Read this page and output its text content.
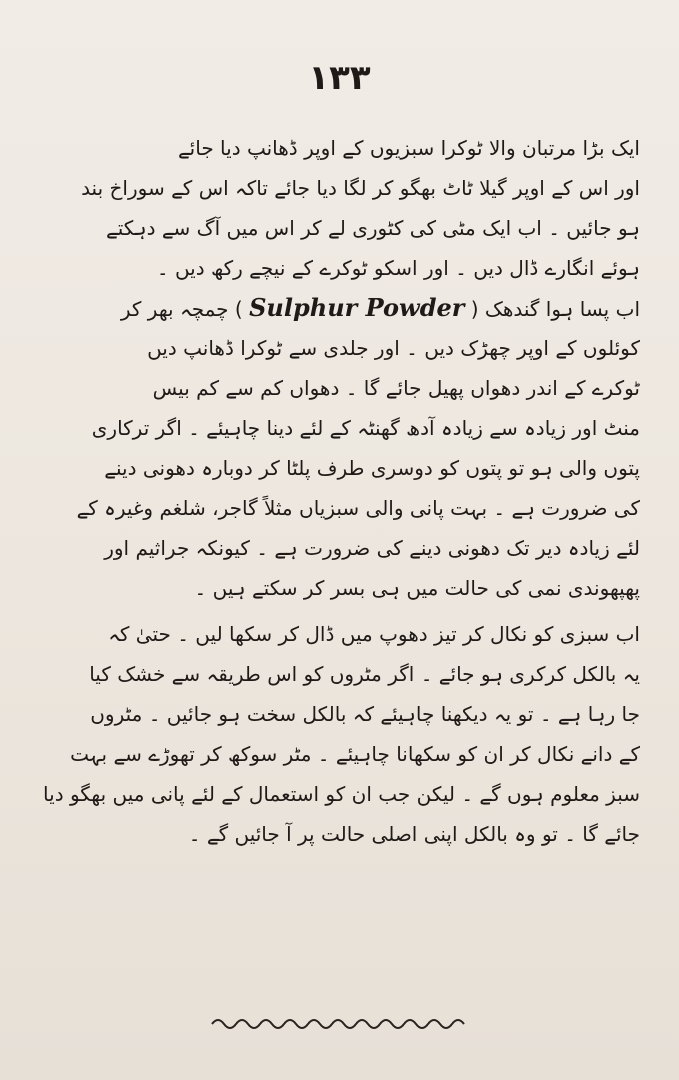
۱۳۳
ایک بڑا مرتبان والا ٹوکرا سبزیوں کے اوپر ڈھانپ دیا جائے
اور اس کے اوپر گیلا ٹاٹ بھگو کر لگا دیا جائے تاکہ اس کے سوراخ بند
ہو جائیں ۔ اب ایک مٹی کی کٹوری لے کر اس میں آگ سے دہکتے
ہوئے انگارے ڈال دیں ۔ اور اسکو ٹوکرے کے نیچے رکھ دیں ۔
اب پسا ہوا گندھک ( Sulphur Powder ) چمچہ بھر کر
کوئلوں کے اوپر چھڑک دیں ۔ اور جلدی سے ٹوکرا ڈھانپ دیں
ٹوکرے کے اندر دھواں پھیل جائے گا ۔ دھواں کم سے کم بیس
منٹ اور زیادہ سے زیادہ آدھ گھنٹہ کے لئے دینا چاہیئے ۔ اگر ترکاری
پتوں والی ہو تو پتوں کو دوسری طرف پلٹا کر دوبارہ دھونی دینے
کی ضرورت ہے ۔ بہت پانی والی سبزیاں مثلاً گاجر، شلغم وغیرہ کے
لئے زیادہ دیر تک دھونی دینے کی ضرورت ہے ۔ کیونکہ جراثیم اور
پھپھوندی نمی کی حالت میں ہی بسر کر سکتے ہیں ۔
اب سبزی کو نکال کر تیز دھوپ میں ڈال کر سکھا لیں ۔ حتیٰ کہ
یہ بالکل کرکری ہو جائے ۔ اگر مٹروں کو اس طریقہ سے خشک کیا
جا رہا ہے ۔ تو یہ دیکھنا چاہیئے کہ بالکل سخت ہو جائیں ۔ مٹروں
کے دانے نکال کر ان کو سکھانا چاہیئے ۔ مٹر سوکھ کر تھوڑے سے بہت
سبز معلوم ہوں گے ۔ لیکن جب ان کو استعمال کے لئے پانی میں بھگو دیا
جائے گا ۔ تو وہ بالکل اپنی اصلی حالت پر آ جائیں گے ۔
